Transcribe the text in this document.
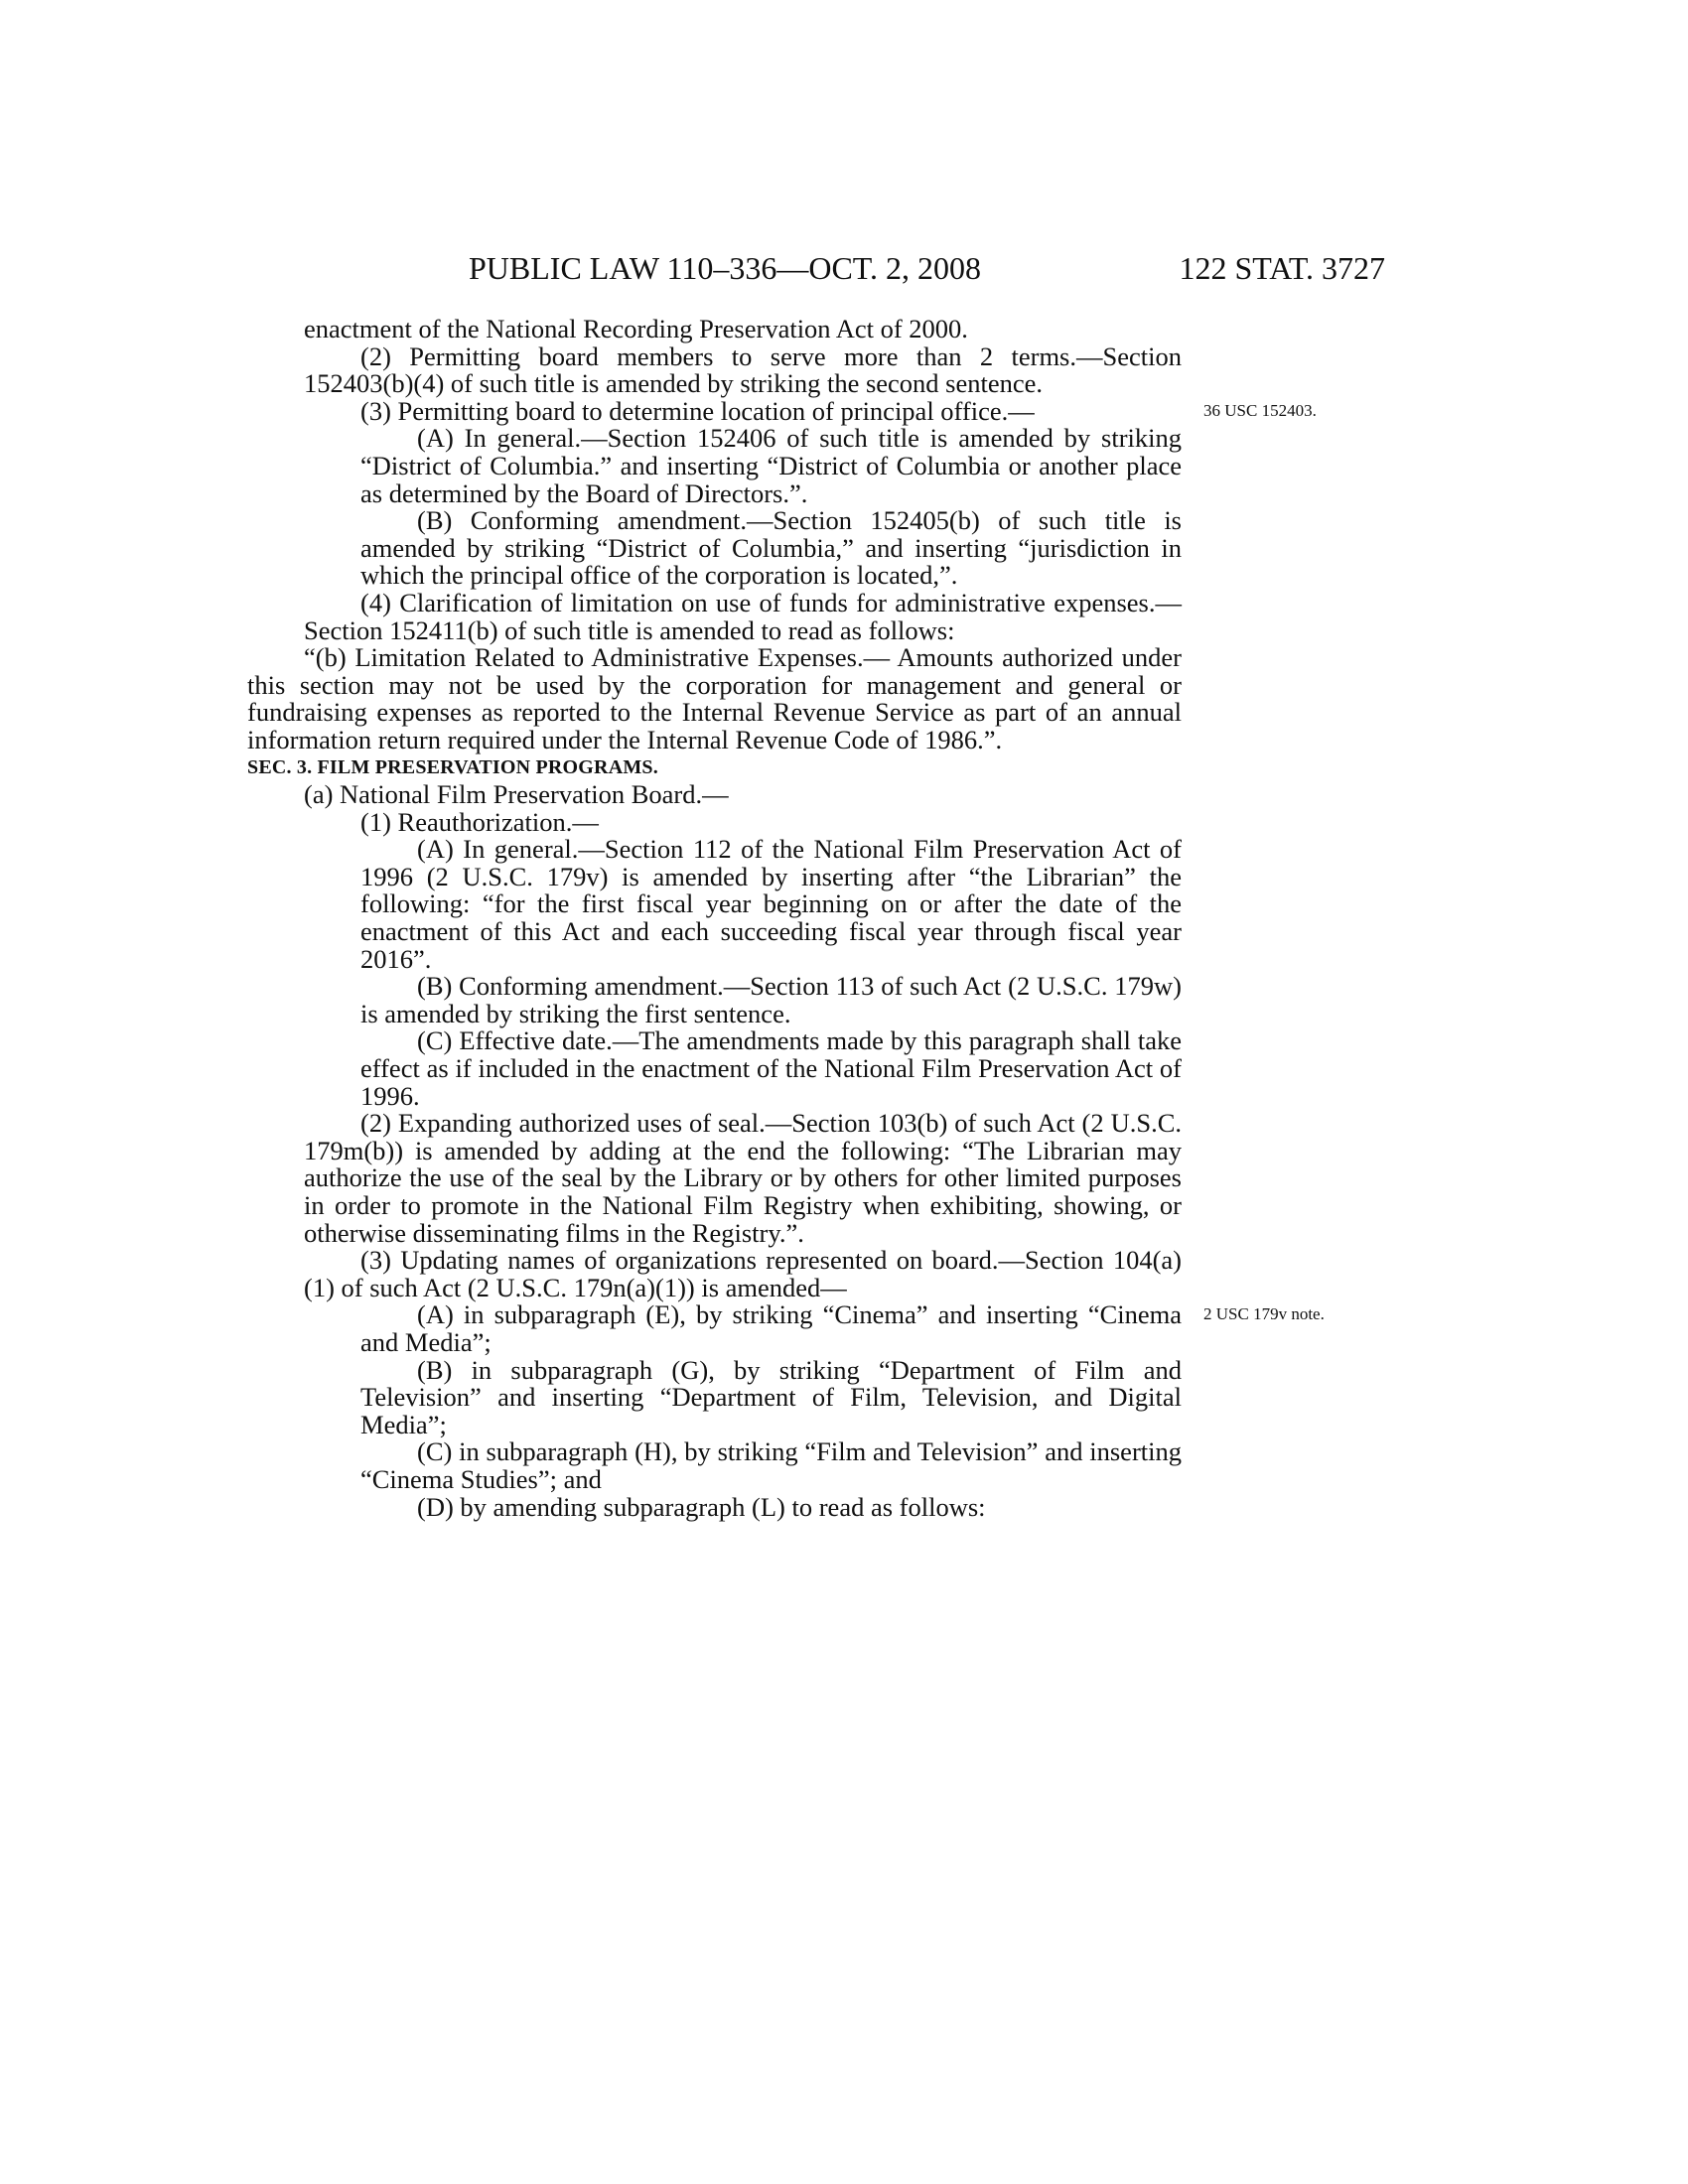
PUBLIC LAW 110–336—OCT. 2, 2008	122 STAT. 3727
36 USC 152403.
2 USC 179v note.

enactment of the National Recording Preservation Act of 2000.

(2) Permitting board members to serve more than 2 terms.—Section 152403(b)(4) of such title is amended by striking the second sentence.

(3) Permitting board to determine location of principal office.—

(A) In general.—Section 152406 of such title is amended by striking “District of Columbia.” and inserting “District of Columbia or another place as determined by the Board of Directors.”.

(B) Conforming amendment.—Section 152405(b) of such title is amended by striking “District of Columbia,” and inserting “jurisdiction in which the principal office of the corporation is located,”.

(4) Clarification of limitation on use of funds for administrative expenses.—Section 152411(b) of such title is amended to read as follows:

“(b) Limitation Related to Administrative Expenses.— Amounts authorized under this section may not be used by the corporation for management and general or fundraising expenses as reported to the Internal Revenue Service as part of an annual information return required under the Internal Revenue Code of 1986.”.

SEC. 3. FILM PRESERVATION PROGRAMS.

(a) National Film Preservation Board.—

(1) Reauthorization.—

(A) In general.—Section 112 of the National Film Preservation Act of 1996 (2 U.S.C. 179v) is amended by inserting after “the Librarian” the following: “for the first fiscal year beginning on or after the date of the enactment of this Act and each succeeding fiscal year through fiscal year 2016”.

(B) Conforming amendment.—Section 113 of such Act (2 U.S.C. 179w) is amended by striking the first sentence.

(C) Effective date.—The amendments made by this paragraph shall take effect as if included in the enactment of the National Film Preservation Act of 1996.

(2) Expanding authorized uses of seal.—Section 103(b) of such Act (2 U.S.C. 179m(b)) is amended by adding at the end the following: “The Librarian may authorize the use of the seal by the Library or by others for other limited purposes in order to promote in the National Film Registry when exhibiting, showing, or otherwise disseminating films in the Registry.”.

(3) Updating names of organizations represented on board.—Section 104(a)(1) of such Act (2 U.S.C. 179n(a)(1)) is amended—

(A) in subparagraph (E), by striking “Cinema” and inserting “Cinema and Media”;

(B) in subparagraph (G), by striking “Department of Film and Television” and inserting “Department of Film, Television, and Digital Media”;

(C) in subparagraph (H), by striking “Film and Television” and inserting “Cinema Studies”; and

(D) by amending subparagraph (L) to read as follows:
